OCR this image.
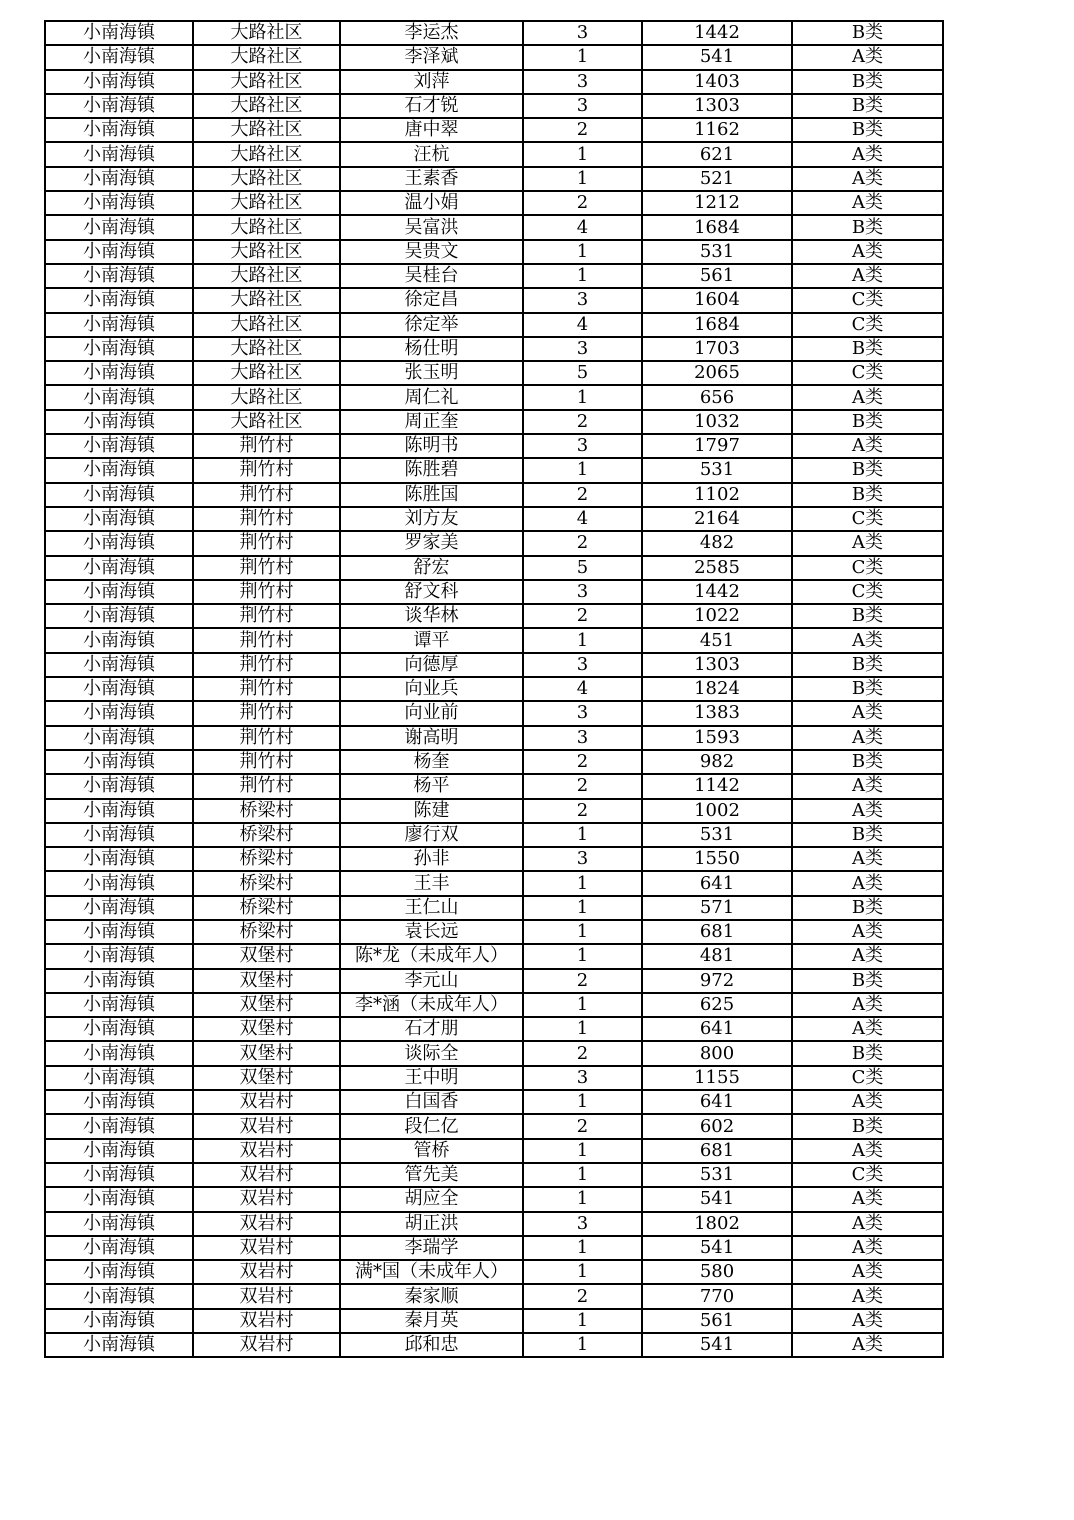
小南海镇	大路社区	李运杰	3	1442	B类
小南海镇	大路社区	李泽斌	1	541	A类
小南海镇	大路社区	刘萍	3	1403	B类
小南海镇	大路社区	石才锐	3	1303	B类
小南海镇	大路社区	唐中翠	2	1162	B类
小南海镇	大路社区	汪杭	1	621	A类
小南海镇	大路社区	王素香	1	521	A类
小南海镇	大路社区	温小娟	2	1212	A类
小南海镇	大路社区	吴富洪	4	1684	B类
小南海镇	大路社区	吴贵文	1	531	A类
小南海镇	大路社区	吴桂台	1	561	A类
小南海镇	大路社区	徐定昌	3	1604	C类
小南海镇	大路社区	徐定举	4	1684	C类
小南海镇	大路社区	杨仕明	3	1703	B类
小南海镇	大路社区	张玉明	5	2065	C类
小南海镇	大路社区	周仁礼	1	656	A类
小南海镇	大路社区	周正奎	2	1032	B类
小南海镇	荆竹村	陈明书	3	1797	A类
小南海镇	荆竹村	陈胜碧	1	531	B类
小南海镇	荆竹村	陈胜国	2	1102	B类
小南海镇	荆竹村	刘方友	4	2164	C类
小南海镇	荆竹村	罗家美	2	482	A类
小南海镇	荆竹村	舒宏	5	2585	C类
小南海镇	荆竹村	舒文科	3	1442	C类
小南海镇	荆竹村	谈华林	2	1022	B类
小南海镇	荆竹村	谭平	1	451	A类
小南海镇	荆竹村	向德厚	3	1303	B类
小南海镇	荆竹村	向业兵	4	1824	B类
小南海镇	荆竹村	向业前	3	1383	A类
小南海镇	荆竹村	谢高明	3	1593	A类
小南海镇	荆竹村	杨奎	2	982	B类
小南海镇	荆竹村	杨平	2	1142	A类
小南海镇	桥梁村	陈建	2	1002	A类
小南海镇	桥梁村	廖行双	1	531	B类
小南海镇	桥梁村	孙非	3	1550	A类
小南海镇	桥梁村	王丰	1	641	A类
小南海镇	桥梁村	王仁山	1	571	B类
小南海镇	桥梁村	袁长远	1	681	A类
小南海镇	双堡村	陈*龙（未成年人）	1	481	A类
小南海镇	双堡村	李元山	2	972	B类
小南海镇	双堡村	李*涵（未成年人）	1	625	A类
小南海镇	双堡村	石才朋	1	641	A类
小南海镇	双堡村	谈际全	2	800	B类
小南海镇	双堡村	王中明	3	1155	C类
小南海镇	双岩村	白国香	1	641	A类
小南海镇	双岩村	段仁亿	2	602	B类
小南海镇	双岩村	管桥	1	681	A类
小南海镇	双岩村	管先美	1	531	C类
小南海镇	双岩村	胡应全	1	541	A类
小南海镇	双岩村	胡正洪	3	1802	A类
小南海镇	双岩村	李瑞学	1	541	A类
小南海镇	双岩村	满*国（未成年人）	1	580	A类
小南海镇	双岩村	秦家顺	2	770	A类
小南海镇	双岩村	秦月英	1	561	A类
小南海镇	双岩村	邱和忠	1	541	A类
